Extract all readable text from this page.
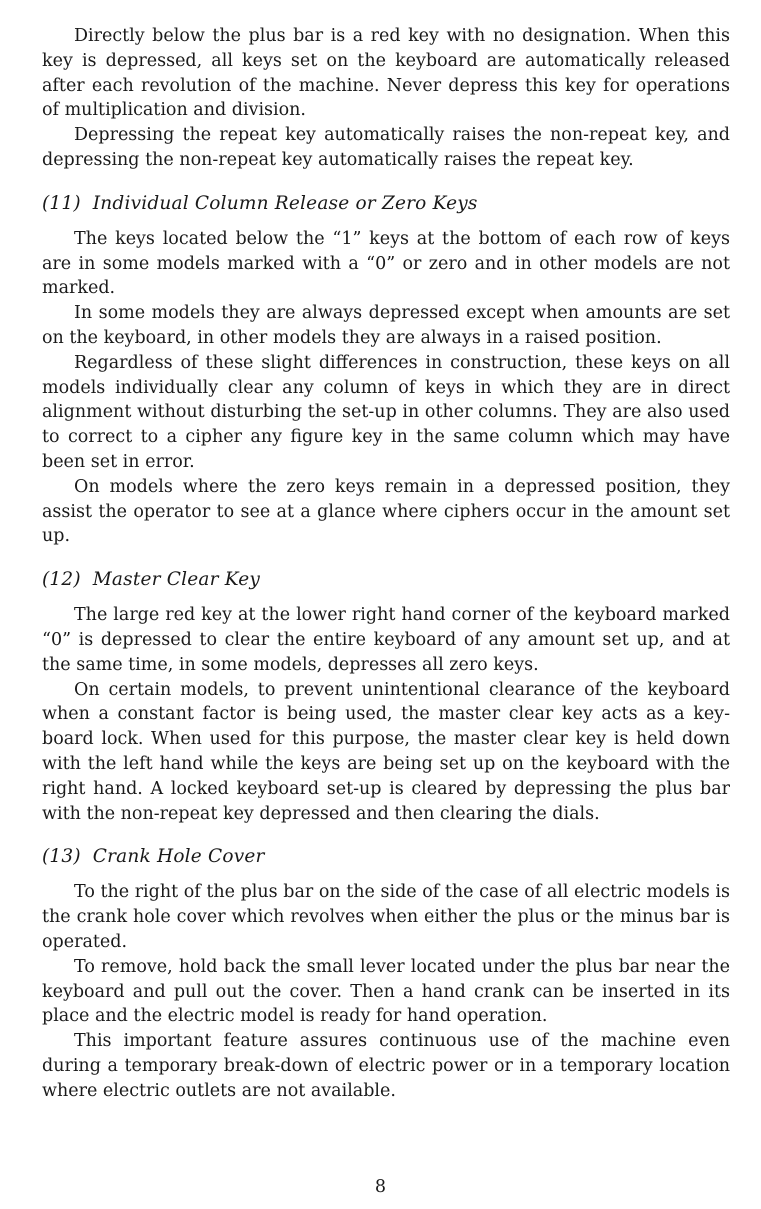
Directly below the plus bar is a red key with no designation. When this key is depressed, all keys set on the keyboard are automatically released after each revolution of the machine. Never depress this key for operations of multiplication and division.

Depressing the repeat key automatically raises the non-repeat key, and depressing the non-repeat key automatically raises the repeat key.

(11) Individual Column Release or Zero Keys

The keys located below the “1” keys at the bottom of each row of keys are in some models marked with a “0” or zero and in other models are not marked.

In some models they are always depressed except when amounts are set on the keyboard, in other models they are always in a raised position.

Regardless of these slight differences in construction, these keys on all models individually clear any column of keys in which they are in direct alignment without disturbing the set-up in other columns. They are also used to correct to a cipher any figure key in the same column which may have been set in error.

On models where the zero keys remain in a depressed position, they assist the operator to see at a glance where ciphers occur in the amount set up.

(12) Master Clear Key

The large red key at the lower right hand corner of the keyboard marked “0” is depressed to clear the entire keyboard of any amount set up, and at the same time, in some models, depresses all zero keys.

On certain models, to prevent unintentional clearance of the keyboard when a constant factor is being used, the master clear key acts as a keyboard lock. When used for this purpose, the master clear key is held down with the left hand while the keys are being set up on the keyboard with the right hand. A locked keyboard set-up is cleared by depressing the plus bar with the non-repeat key depressed and then clearing the dials.

(13) Crank Hole Cover

To the right of the plus bar on the side of the case of all electric models is the crank hole cover which revolves when either the plus or the minus bar is operated.

To remove, hold back the small lever located under the plus bar near the keyboard and pull out the cover. Then a hand crank can be inserted in its place and the electric model is ready for hand operation.

This important feature assures continuous use of the machine even during a temporary break-down of electric power or in a temporary location where electric outlets are not available.

8
